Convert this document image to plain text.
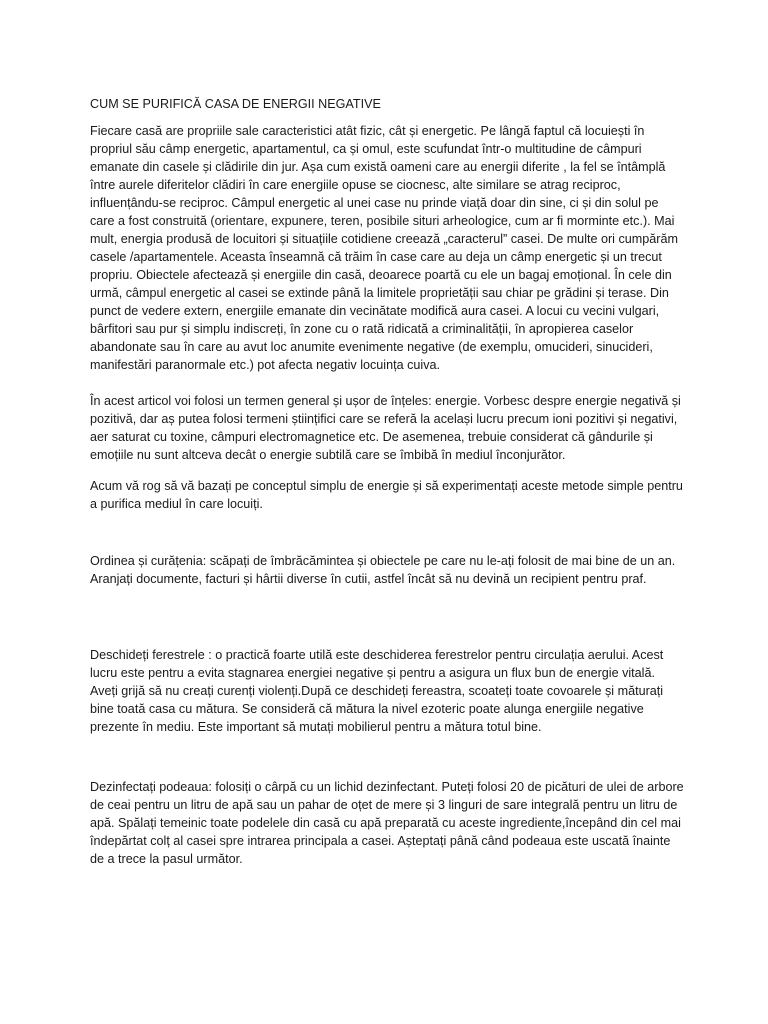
CUM SE PURIFICĂ CASA DE ENERGII NEGATIVE

Fiecare casă are propriile sale caracteristici atât fizic, cât și energetic. Pe lângă faptul că locuiești în propriul său câmp energetic, apartamentul, ca și omul, este scufundat într-o multitudine de câmpuri emanate din casele și clădirile din jur. Așa cum există oameni care au energii diferite , la fel se întâmplă între aurele diferitelor clădiri în care energiile opuse se ciocnesc, alte similare se atrag reciproc, influențându-se reciproc. Câmpul energetic al unei case nu prinde viață doar din sine, ci și din solul pe care a fost construită (orientare, expunere, teren, posibile situri arheologice, cum ar fi morminte etc.). Mai mult, energia produsă de locuitori și situațiile cotidiene creează „caracterul” casei. De multe ori cumpărăm casele /apartamentele. Aceasta înseamnă că trăim în case care au deja un câmp energetic și un trecut propriu. Obiectele afectează și energiile din casă, deoarece poartă cu ele un bagaj emoțional. În cele din urmă, câmpul energetic al casei se extinde până la limitele proprietății sau chiar pe grădini și terase. Din punct de vedere extern, energiile emanate din vecinătate modifică aura casei. A locui cu vecini vulgari, bârfitori sau pur și simplu indiscreți, în zone cu o rată ridicată a criminalității, în apropierea caselor abandonate sau în care au avut loc anumite evenimente negative (de exemplu, omucideri, sinucideri, manifestări paranormale etc.) pot afecta negativ locuința cuiva.

În acest articol voi folosi un termen general și ușor de înțeles: energie. Vorbesc despre energie negativă și pozitivă, dar aș putea folosi termeni științifici care se referă la același lucru precum ioni pozitivi și negativi, aer saturat cu toxine, câmpuri electromagnetice etc. De asemenea, trebuie considerat că gândurile și emoțiile nu sunt altceva decât o energie subtilă care se îmbibă în mediul înconjurător.

Acum vă rog să vă bazați pe conceptul simplu de energie și să experimentați aceste metode simple pentru a purifica mediul în care locuiți.

Ordinea și curățenia: scăpați de îmbrăcămintea și obiectele pe care nu le-ați folosit de mai bine de un an. Aranjați documente, facturi și hârtii diverse în cutii, astfel încât să nu devină un recipient pentru praf.

Deschideți ferestrele : o practică foarte utilă este deschiderea ferestrelor pentru circulația aerului. Acest lucru este pentru a evita stagnarea energiei negative și pentru a asigura un flux bun de energie vitală. Aveți grijă să nu creați curenți violenți.După ce deschideți fereastra, scoateți toate covoarele și măturați bine toată casa cu mătura. Se consideră că mătura la nivel ezoteric poate alunga energiile negative prezente în mediu. Este important să mutați mobilierul pentru a mătura totul bine.

Dezinfectați podeaua: folosiți o cârpă cu un lichid dezinfectant. Puteți folosi 20 de picături de ulei de arbore de ceai pentru un litru de apă sau un pahar de oțet de mere și 3 linguri de sare integrală pentru un litru de apă. Spălați temeinic toate podelele din casă cu apă preparată cu aceste ingrediente,începând din cel mai îndepărtat colț al casei spre intrarea principala a casei. Așteptați până când podeaua este uscată înainte de a trece la pasul următor.
